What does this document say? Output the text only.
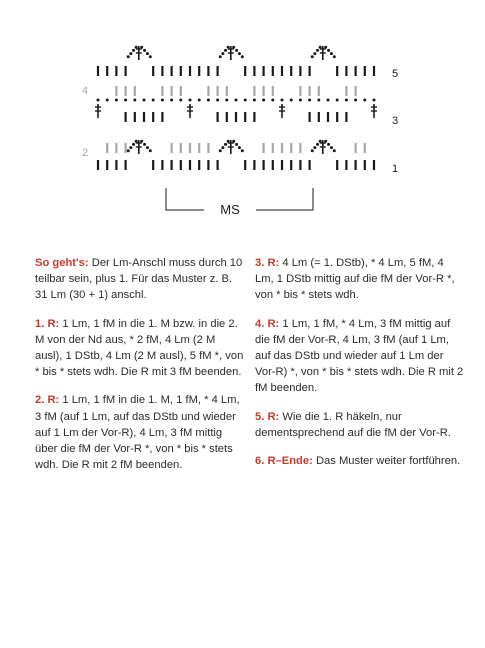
5
4
3
2
1
MS

So geht's: Der Lm-Anschl muss durch 10 teilbar sein, plus 1. Für das Muster z. B. 31 Lm (30 + 1) anschl.

1. R: 1 Lm, 1 fM in die 1. M bzw. in die 2. M von der Nd aus, * 2 fM, 4 Lm (2 M ausl), 1 DStb, 4 Lm (2 M ausl), 5 fM *, von * bis * stets wdh. Die R mit 3 fM beenden.

2. R: 1 Lm, 1 fM in die 1. M, 1 fM, * 4 Lm, 3 fM (auf 1 Lm, auf das DStb und wieder auf 1 Lm der Vor-R), 4 Lm, 3 fM mittig über die fM der Vor-R *, von * bis * stets wdh. Die R mit 2 fM beenden.

3. R: 4 Lm (= 1. DStb), * 4 Lm, 5 fM, 4 Lm, 1 DStb mittig auf die fM der Vor-R *, von * bis * stets wdh.

4. R: 1 Lm, 1 fM, * 4 Lm, 3 fM mittig auf die fM der Vor-R, 4 Lm, 3 fM (auf 1 Lm, auf das DStb und wieder auf 1 Lm der Vor-R) *, von * bis * stets wdh. Die R mit 2 fM beenden.

5. R: Wie die 1. R häkeln, nur dementsprechend auf die fM der Vor-R.

6. R–Ende: Das Muster weiter fortführen.
